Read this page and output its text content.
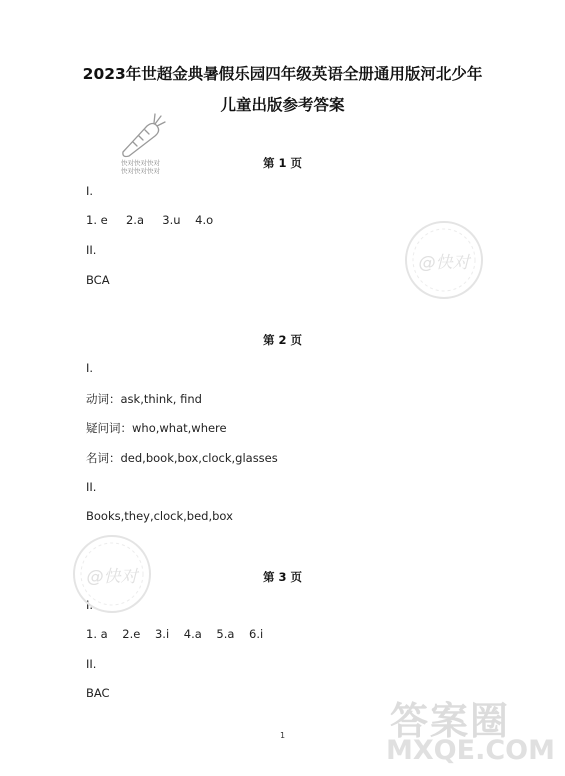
2023年世超金典暑假乐园四年级英语全册通用版河北少年
儿童出版参考答案
快对快对快对
快对快对快对
第 1 页
I.
1. e     2.a     3.u    4.o
II.
BCA
第 2 页
I.
动词：ask,think, find
疑问词：who,what,where
名词：ded,book,box,clock,glasses
II.
Books,they,clock,bed,box
第 3 页
I.
1. a    2.e    3.i    4.a    5.a    6.i
II.
BAC
@快对
@快对
答案圈
MXQE.COM
1
